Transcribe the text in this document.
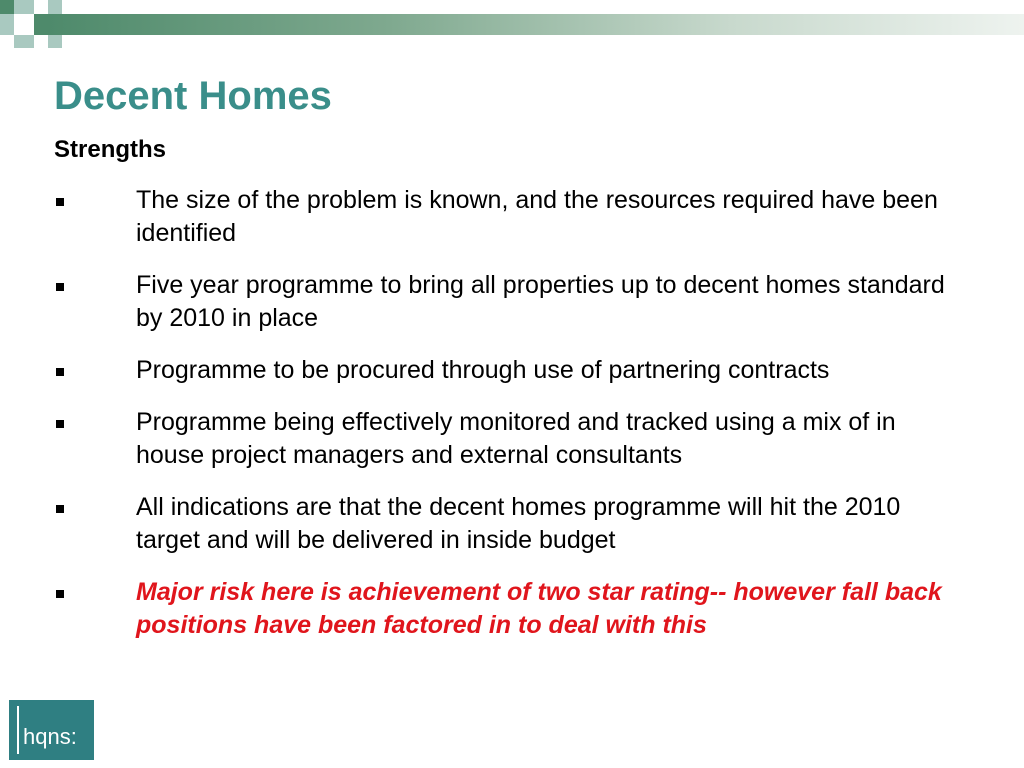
Decent Homes
Strengths
The size of the problem is known, and the resources required have been identified
Five year programme to bring all properties up to decent homes standard by 2010 in place
Programme to be procured through use of partnering contracts
Programme being effectively monitored and tracked using a mix of in house project managers and external consultants
All indications are that the decent homes programme will hit the 2010 target and will be delivered in inside budget
Major risk here is achievement of two star rating-- however fall back positions have been factored in to deal with this
hqns:
